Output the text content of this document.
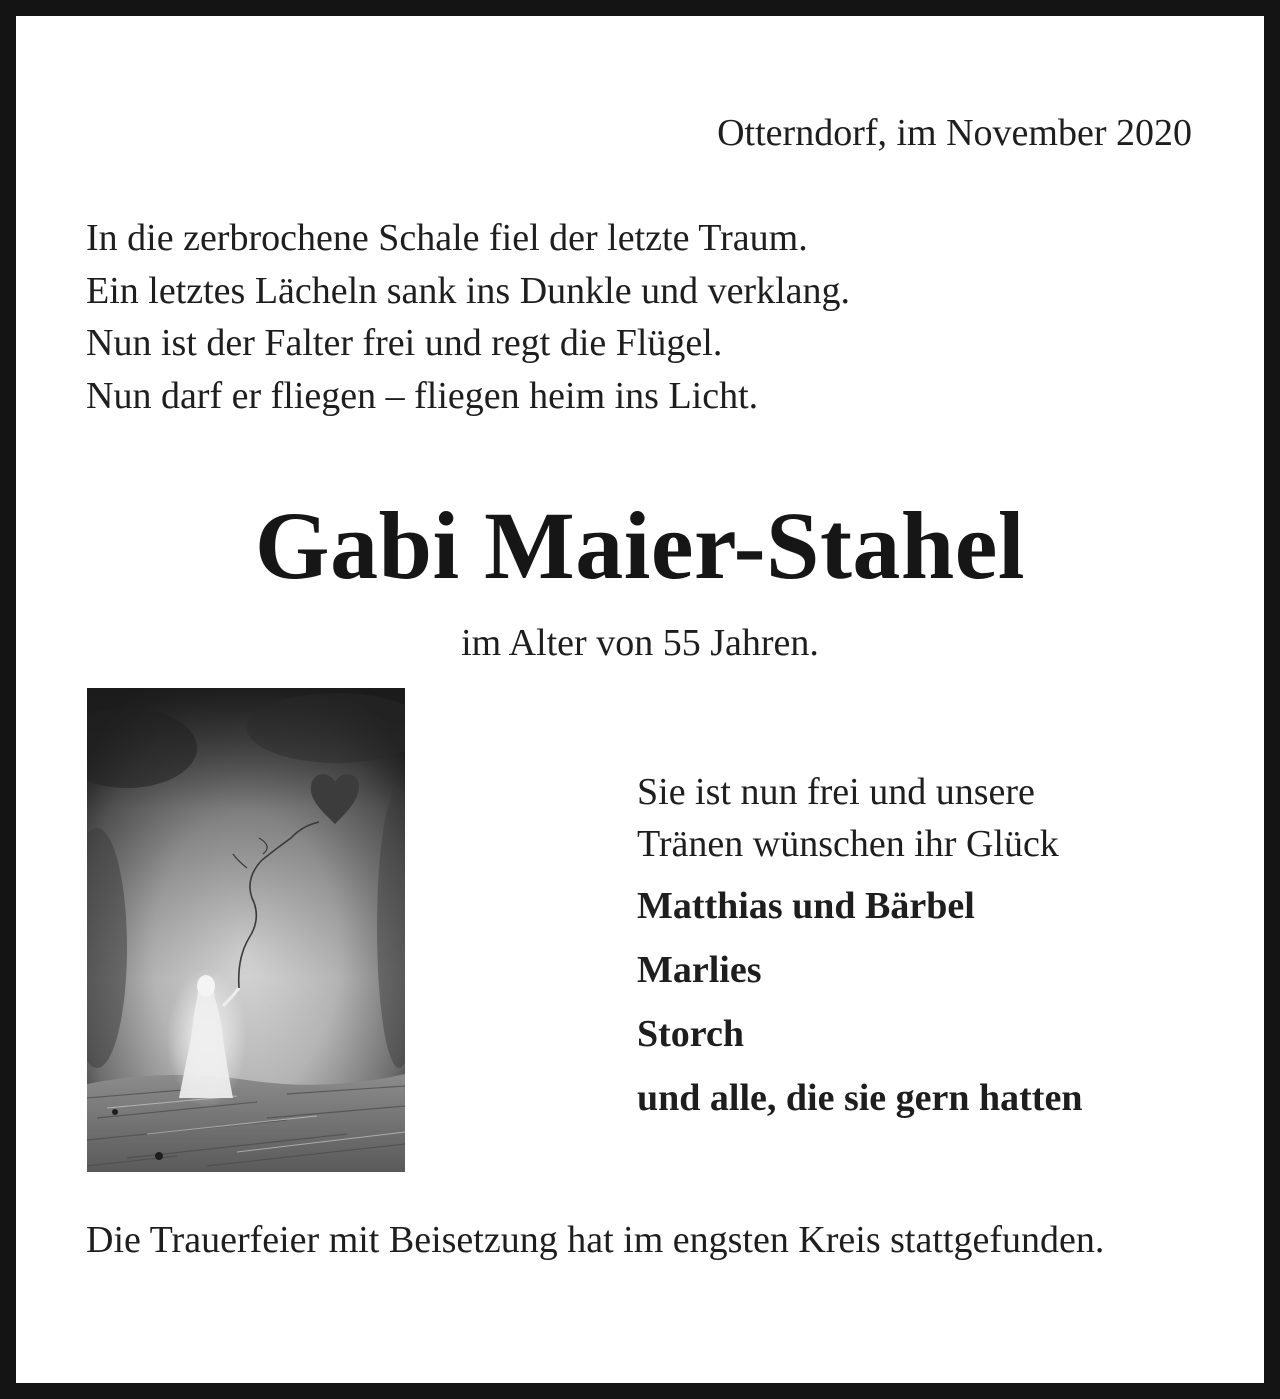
Otterndorf, im November 2020
In die zerbrochene Schale fiel der letzte Traum.
Ein letztes Lächeln sank ins Dunkle und verklang.
Nun ist der Falter frei und regt die Flügel.
Nun darf er fliegen – fliegen heim ins Licht.
Gabi Maier-Stahel
im Alter von 55 Jahren.
Sie ist nun frei und unsere
Tränen wünschen ihr Glück
Matthias und Bärbel
Marlies
Storch
und alle, die sie gern hatten
Die Trauerfeier mit Beisetzung hat im engsten Kreis stattgefunden.
